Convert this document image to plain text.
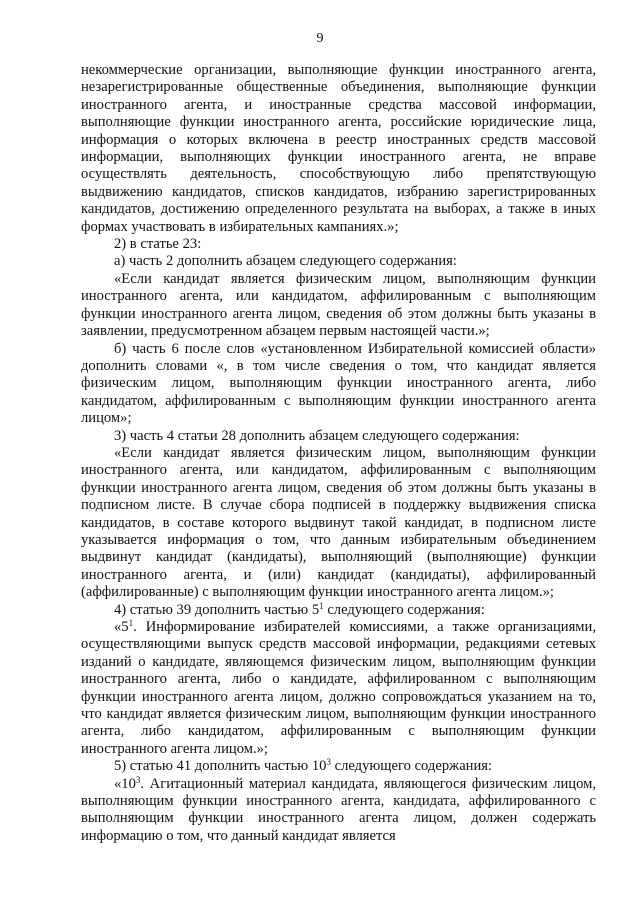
9

некоммерческие организации, выполняющие функции иностранного агента, незарегистрированные общественные объединения, выполняющие функции иностранного агента, и иностранные средства массовой информации, выполняющие функции иностранного агента, российские юридические лица, информация о которых включена в реестр иностранных средств массовой информации, выполняющих функции иностранного агента, не вправе осуществлять деятельность, способствующую либо препятствующую выдвижению кандидатов, списков кандидатов, избранию зарегистрированных кандидатов, достижению определенного результата на выборах, а также в иных формах участвовать в избирательных кампаниях.»;

2) в статье 23:

а) часть 2 дополнить абзацем следующего содержания:

«Если кандидат является физическим лицом, выполняющим функции иностранного агента, или кандидатом, аффилированным с выполняющим функции иностранного агента лицом, сведения об этом должны быть указаны в заявлении, предусмотренном абзацем первым настоящей части.»;

б) часть 6 после слов «установленном Избирательной комиссией области» дополнить словами «, в том числе сведения о том, что кандидат является физическим лицом, выполняющим функции иностранного агента, либо кандидатом, аффилированным с выполняющим функции иностранного агента лицом»;

3) часть 4 статьи 28 дополнить абзацем следующего содержания:

«Если кандидат является физическим лицом, выполняющим функции иностранного агента, или кандидатом, аффилированным с выполняющим функции иностранного агента лицом, сведения об этом должны быть указаны в подписном листе. В случае сбора подписей в поддержку выдвижения списка кандидатов, в составе которого выдвинут такой кандидат, в подписном листе указывается информация о том, что данным избирательным объединением выдвинут кандидат (кандидаты), выполняющий (выполняющие) функции иностранного агента, и (или) кандидат (кандидаты), аффилированный (аффилированные) с выполняющим функции иностранного агента лицом.»;

4) статью 39 дополнить частью $5^1$ следующего содержания:

«$5^1$. Информирование избирателей комиссиями, а также организациями, осуществляющими выпуск средств массовой информации, редакциями сетевых изданий о кандидате, являющемся физическим лицом, выполняющим функции иностранного агента, либо о кандидате, аффилированном с выполняющим функции иностранного агента лицом, должно сопровождаться указанием на то, что кандидат является физическим лицом, выполняющим функции иностранного агента, либо кандидатом, аффилированным с выполняющим функции иностранного агента лицом.»;

5) статью 41 дополнить частью $10^3$ следующего содержания:

«$10^3$. Агитационный материал кандидата, являющегося физическим лицом, выполняющим функции иностранного агента, кандидата, аффилированного с выполняющим функции иностранного агента лицом, должен содержать информацию о том, что данный кандидат является
